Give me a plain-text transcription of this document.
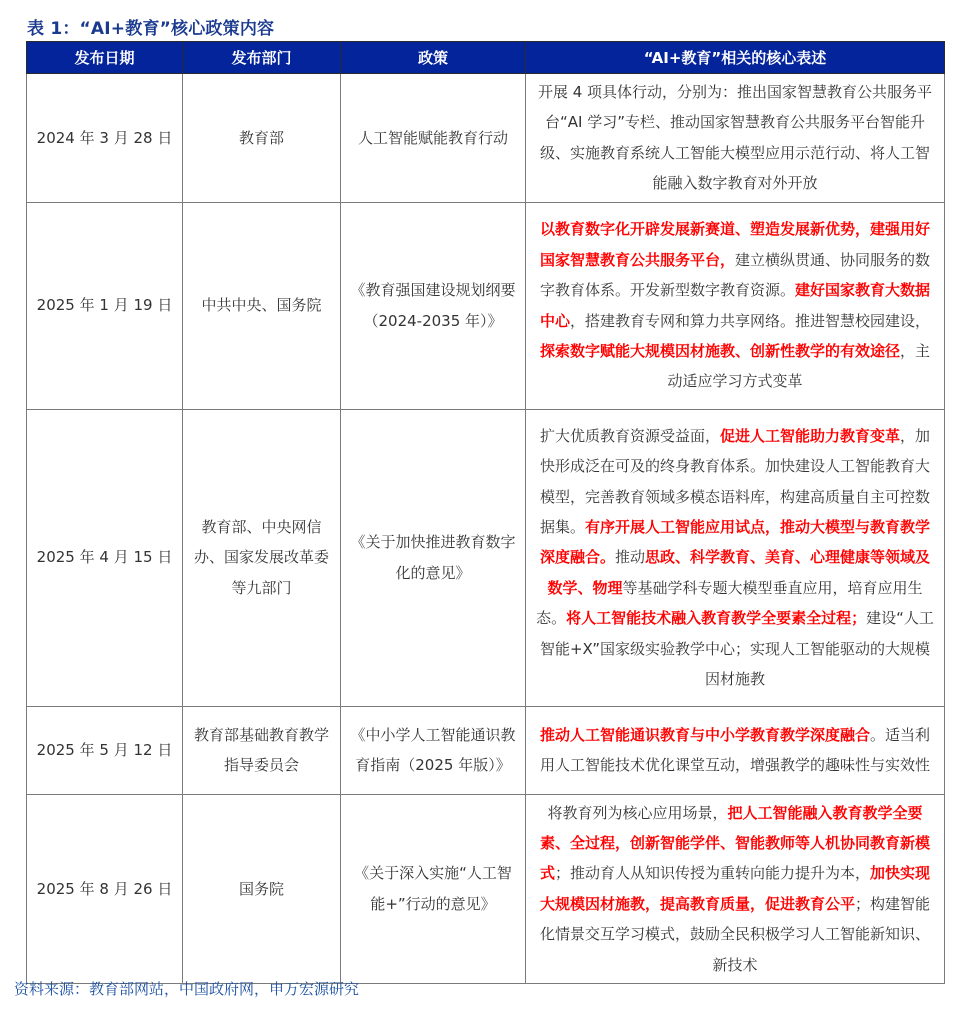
表 1：“AI+教育”核心政策内容
发布日期	发布部门	政策	“AI+教育”相关的核心表述
2024 年 3 月 28 日	教育部	人工智能赋能教育行动	开展 4 项具体行动，分别为：推出国家智慧教育公共服务平台“AI 学习”专栏、推动国家智慧教育公共服务平台智能升级、实施教育系统人工智能大模型应用示范行动、将人工智能融入数字教育对外开放
2025 年 1 月 19 日	中共中央、国务院	《教育强国建设规划纲要（2024-2035 年）》	以教育数字化开辟发展新赛道、塑造发展新优势，建强用好国家智慧教育公共服务平台，建立横纵贯通、协同服务的数字教育体系。开发新型数字教育资源。建好国家教育大数据中心，搭建教育专网和算力共享网络。推进智慧校园建设，探索数字赋能大规模因材施教、创新性教学的有效途径，主动适应学习方式变革
2025 年 4 月 15 日	教育部、中央网信办、国家发展改革委等九部门	《关于加快推进教育数字化的意见》	扩大优质教育资源受益面，促进人工智能助力教育变革，加快形成泛在可及的终身教育体系。加快建设人工智能教育大模型，完善教育领域多模态语料库，构建高质量自主可控数据集。有序开展人工智能应用试点，推动大模型与教育教学深度融合。推动思政、科学教育、美育、心理健康等领域及数学、物理等基础学科专题大模型垂直应用，培育应用生态。将人工智能技术融入教育教学全要素全过程；建设“人工智能+X”国家级实验教学中心；实现人工智能驱动的大规模因材施教
2025 年 5 月 12 日	教育部基础教育教学指导委员会	《中小学人工智能通识教育指南（2025 年版）》	推动人工智能通识教育与中小学教育教学深度融合。适当利用人工智能技术优化课堂互动，增强教学的趣味性与实效性
2025 年 8 月 26 日	国务院	《关于深入实施“人工智能+”行动的意见》	将教育列为核心应用场景，把人工智能融入教育教学全要素、全过程，创新智能学伴、智能教师等人机协同教育新模式；推动育人从知识传授为重转向能力提升为本，加快实现大规模因材施教，提高教育质量，促进教育公平；构建智能化情景交互学习模式，鼓励全民积极学习人工智能新知识、新技术
资料来源：教育部网站，中国政府网，申万宏源研究
